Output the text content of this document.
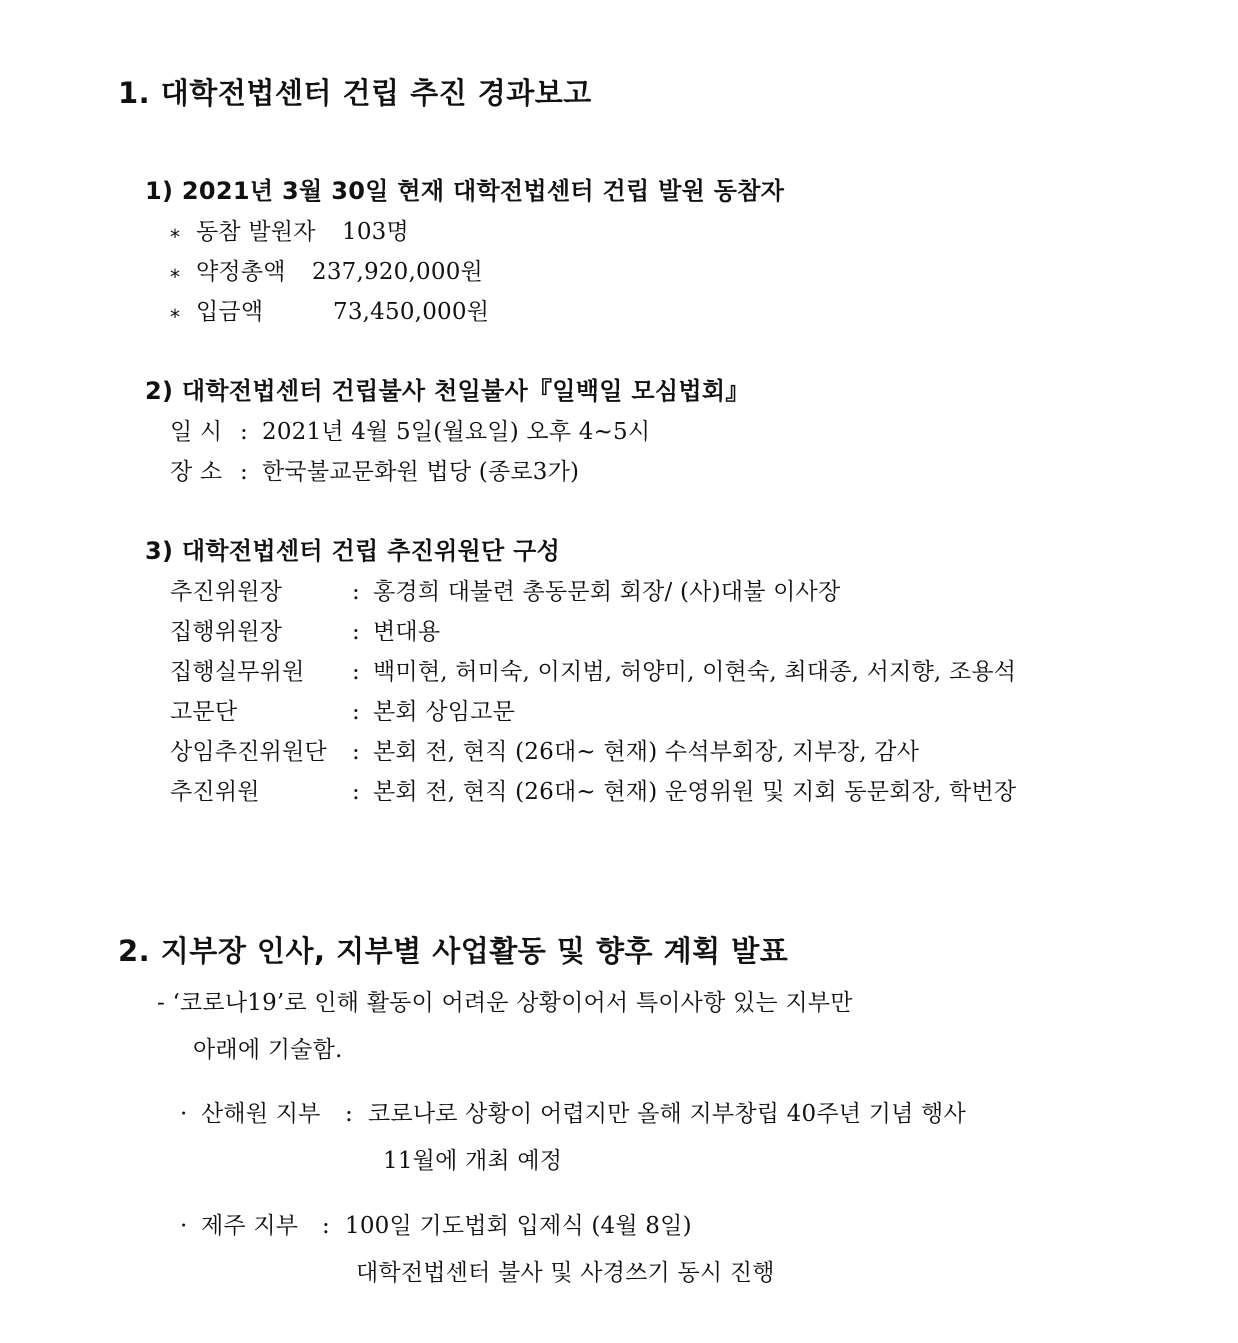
1. 대학전법센터 건립 추진 경과보고
1) 2021년 3월 30일 현재 대학전법센터 건립 발원 동참자
* 동참 발원자 103명
* 약정총액 237,920,000원
* 입금액	73,450,000원
2) 대학전법센터 건립불사 천일불사『일백일 모심법회』
일 시 : 2021년 4월 5일(월요일) 오후 4~5시
장 소 : 한국불교문화원 법당 (종로3가)
3) 대학전법센터 건립 추진위원단 구성
추진위원장	: 홍경희 대불련 총동문회 회장/ (사)대불 이사장
집행위원장	: 변대용
집행실무위원 : 백미현, 허미숙, 이지범, 허양미, 이현숙, 최대종, 서지향, 조용석
고문단	: 본회 상임고문
상임추진위원단 : 본회 전, 현직 (26대~ 현재) 수석부회장, 지부장, 감사
추진위원	: 본회 전, 현직 (26대~ 현재) 운영위원 및 지회 동문회장, 학번장
2. 지부장 인사, 지부별 사업활동 및 향후 계획 발표
- ‘코로나19’로 인해 활동이 어려운 상황이어서 특이사항 있는 지부만
아래에 기술함.
· 산해원 지부 : 코로나로 상황이 어렵지만 올해 지부창립 40주년 기념 행사
11월에 개최 예정
· 제주 지부 : 100일 기도법회 입제식 (4월 8일)
대학전법센터 불사 및 사경쓰기 동시 진행
